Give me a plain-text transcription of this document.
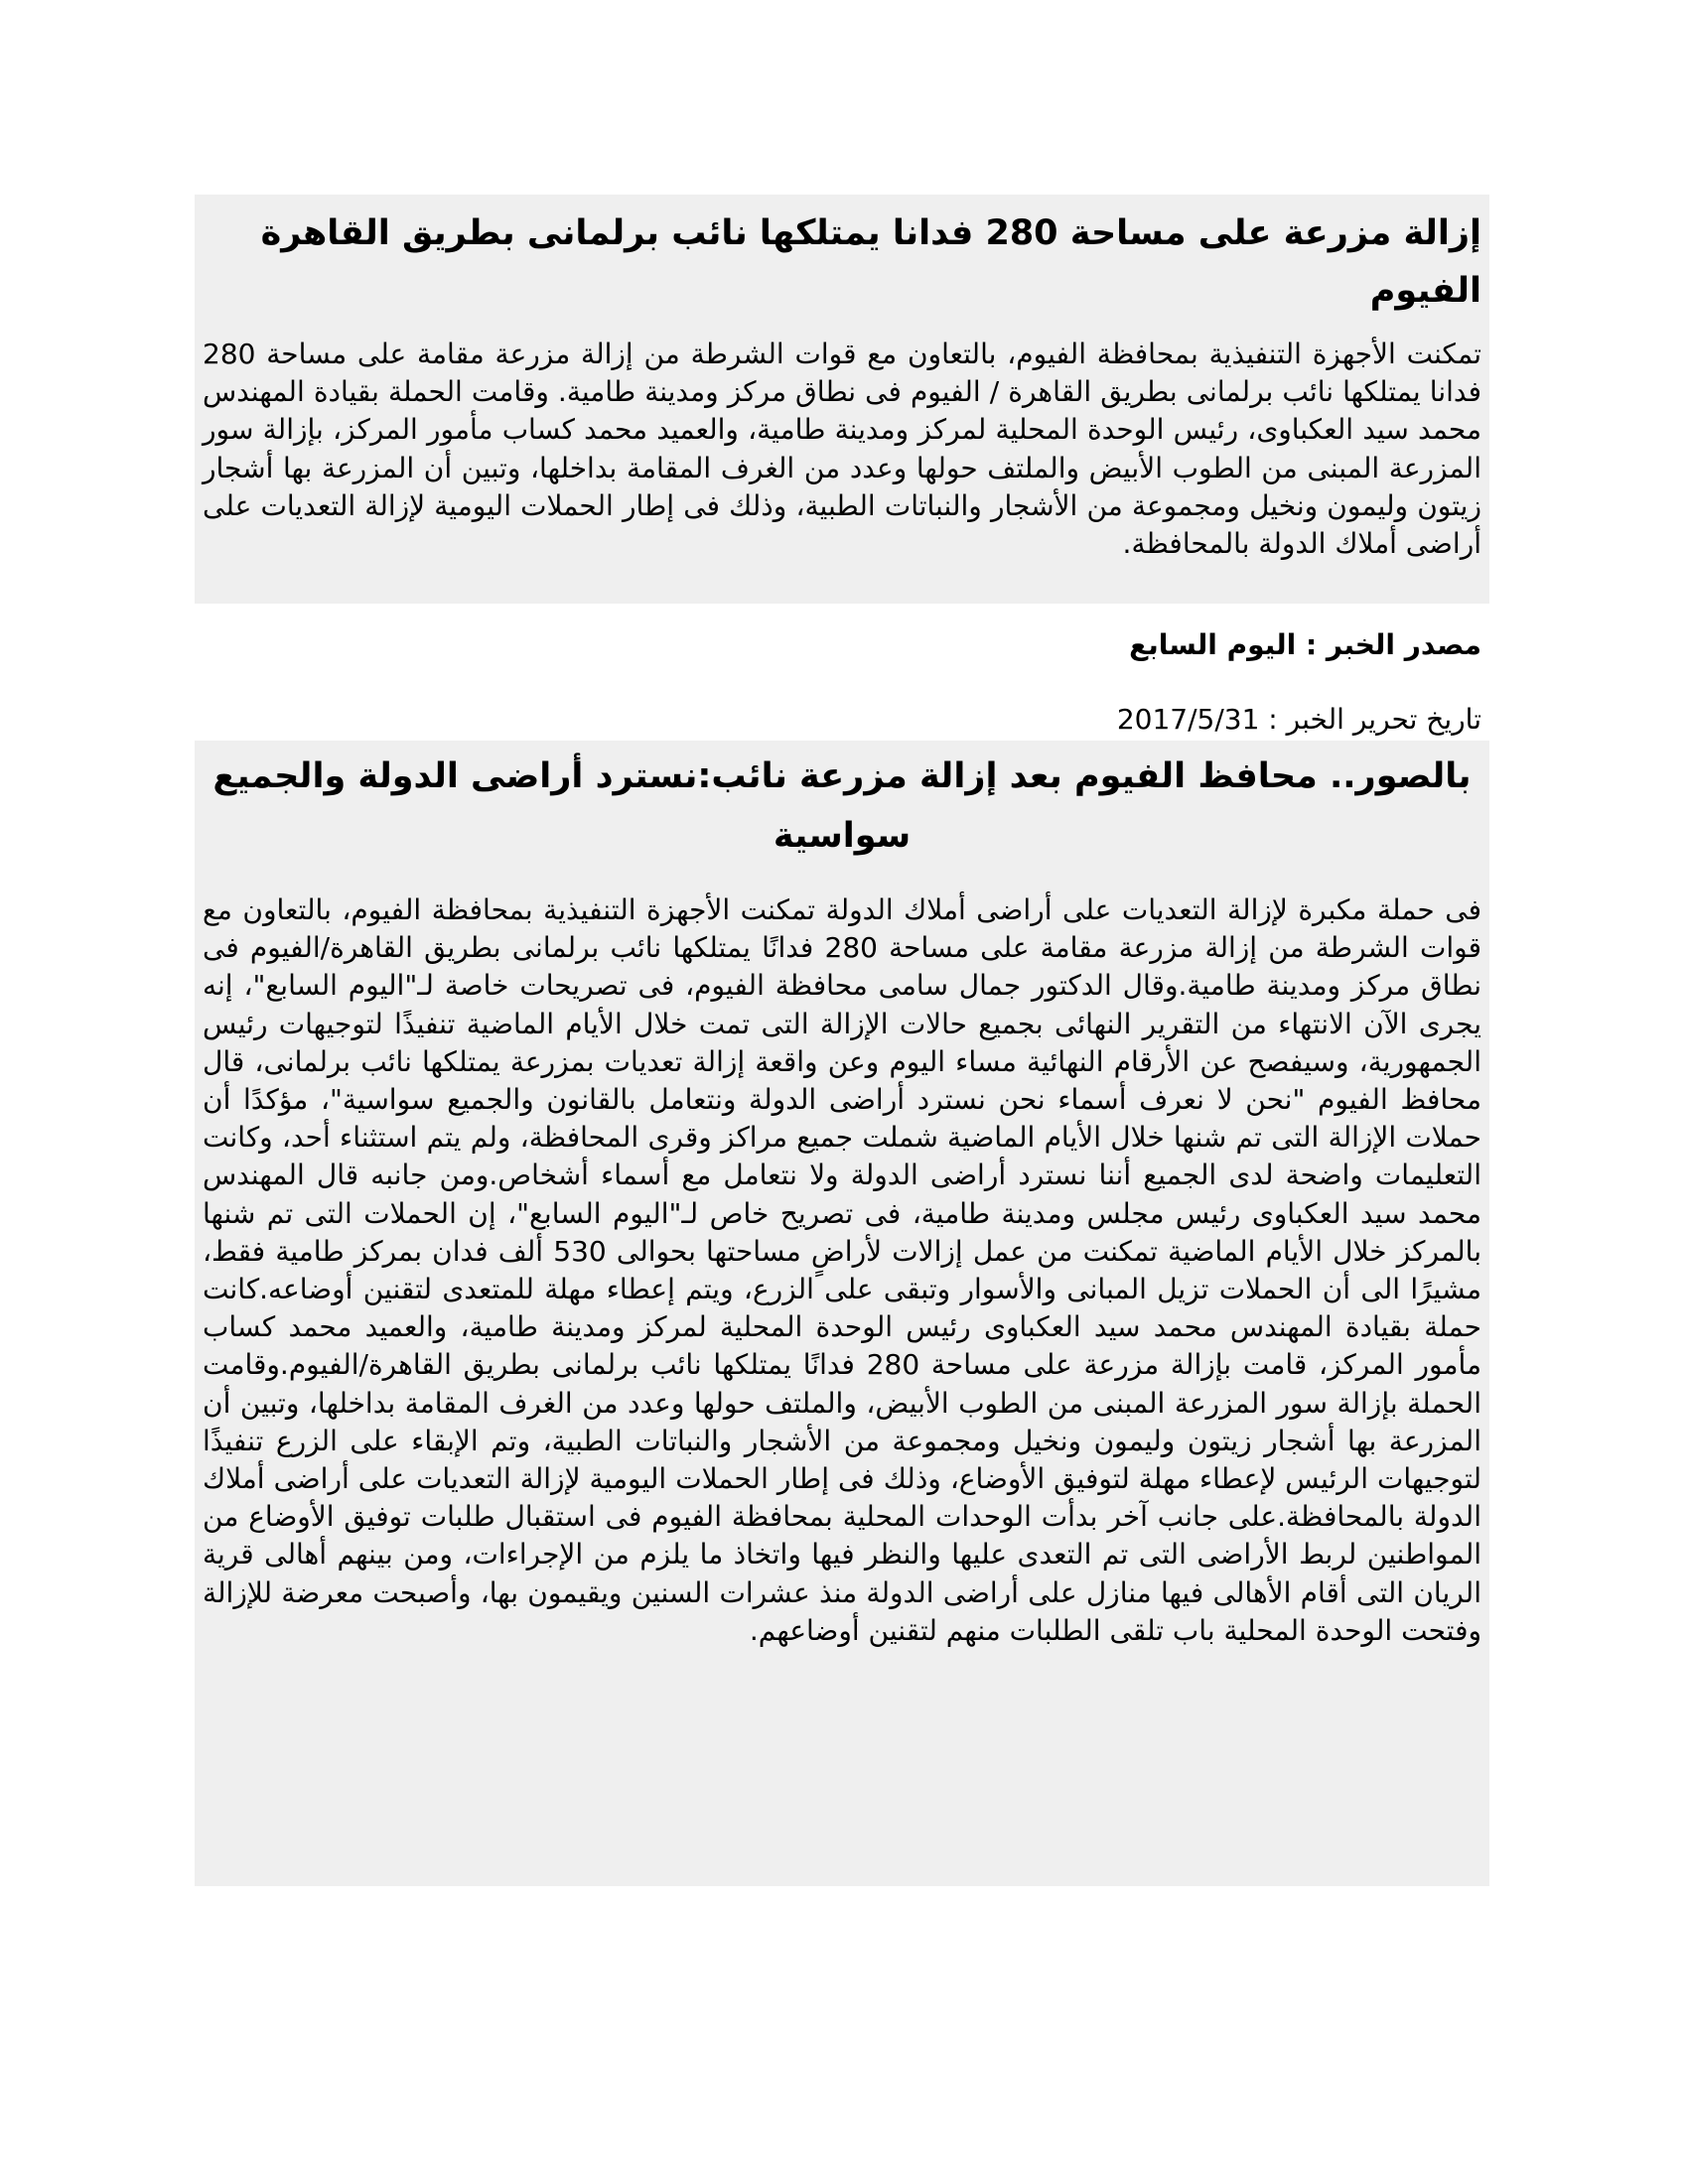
إزالة مزرعة على مساحة 280 فدانا يمتلكها نائب برلمانى بطريق القاهرة الفيوم

تمكنت الأجهزة التنفيذية بمحافظة الفيوم، بالتعاون مع قوات الشرطة من إزالة مزرعة مقامة على مساحة 280 فدانا يمتلكها نائب برلمانى بطريق القاهرة / الفيوم فى نطاق مركز ومدينة طامية. وقامت الحملة بقيادة المهندس محمد سيد العكباوى، رئيس الوحدة المحلية لمركز ومدينة طامية، والعميد محمد كساب مأمور المركز، بإزالة سور المزرعة المبنى من الطوب الأبيض والملتف حولها وعدد من الغرف المقامة بداخلها، وتبين أن المزرعة بها أشجار زيتون وليمون ونخيل ومجموعة من الأشجار والنباتات الطبية، وذلك فى إطار الحملات اليومية لإزالة التعديات على أراضى أملاك الدولة بالمحافظة.

مصدر الخبر : اليوم السابع

تاريخ تحرير الخبر : 2017/5/31

بالصور.. محافظ الفيوم بعد إزالة مزرعة نائب:نسترد أراضى الدولة والجميع سواسية

فى حملة مكبرة لإزالة التعديات على أراضى أملاك الدولة تمكنت الأجهزة التنفيذية بمحافظة الفيوم، بالتعاون مع قوات الشرطة من إزالة مزرعة مقامة على مساحة 280 فدانًا يمتلكها نائب برلمانى بطريق القاهرة/الفيوم فى نطاق مركز ومدينة طامية.وقال الدكتور جمال سامى محافظة الفيوم، فى تصريحات خاصة لـ"اليوم السابع"، إنه يجرى الآن الانتهاء من التقرير النهائى بجميع حالات الإزالة التى تمت خلال الأيام الماضية تنفيذًا لتوجيهات رئيس الجمهورية، وسيفصح عن الأرقام النهائية مساء اليوم وعن واقعة إزالة تعديات بمزرعة يمتلكها نائب برلمانى، قال محافظ الفيوم "نحن لا نعرف أسماء نحن نسترد أراضى الدولة ونتعامل بالقانون والجميع سواسية"، مؤكدًا أن حملات الإزالة التى تم شنها خلال الأيام الماضية شملت جميع مراكز وقرى المحافظة، ولم يتم استثناء أحد، وكانت التعليمات واضحة لدى الجميع أننا نسترد أراضى الدولة ولا نتعامل مع أسماء أشخاص.ومن جانبه قال المهندس محمد سيد العكباوى رئيس مجلس ومدينة طامية، فى تصريح خاص لـ"اليوم السابع"، إن الحملات التى تم شنها بالمركز خلال الأيام الماضية تمكنت من عمل إزالات لأراضٍ مساحتها بحوالى 530 ألف فدان بمركز طامية فقط، مشيرًا الى أن الحملات تزيل المبانى والأسوار وتبقى على الزرع، ويتم إعطاء مهلة للمتعدى لتقنين أوضاعه.كانت حملة بقيادة المهندس محمد سيد العكباوى رئيس الوحدة المحلية لمركز ومدينة طامية، والعميد محمد كساب مأمور المركز، قامت بإزالة مزرعة على مساحة 280 فدانًا يمتلكها نائب برلمانى بطريق القاهرة/الفيوم.وقامت الحملة بإزالة سور المزرعة المبنى من الطوب الأبيض، والملتف حولها وعدد من الغرف المقامة بداخلها، وتبين أن المزرعة بها أشجار زيتون وليمون ونخيل ومجموعة من الأشجار والنباتات الطبية، وتم الإبقاء على الزرع تنفيذًا لتوجيهات الرئيس لإعطاء مهلة لتوفيق الأوضاع، وذلك فى إطار الحملات اليومية لإزالة التعديات على أراضى أملاك الدولة بالمحافظة.على جانب آخر بدأت الوحدات المحلية بمحافظة الفيوم فى استقبال طلبات توفيق الأوضاع من المواطنين لربط الأراضى التى تم التعدى عليها والنظر فيها واتخاذ ما يلزم من الإجراءات، ومن بينهم أهالى قرية الريان التى أقام الأهالى فيها منازل على أراضى الدولة منذ عشرات السنين ويقيمون بها، وأصبحت معرضة للإزالة وفتحت الوحدة المحلية باب تلقى الطلبات منهم لتقنين أوضاعهم.
